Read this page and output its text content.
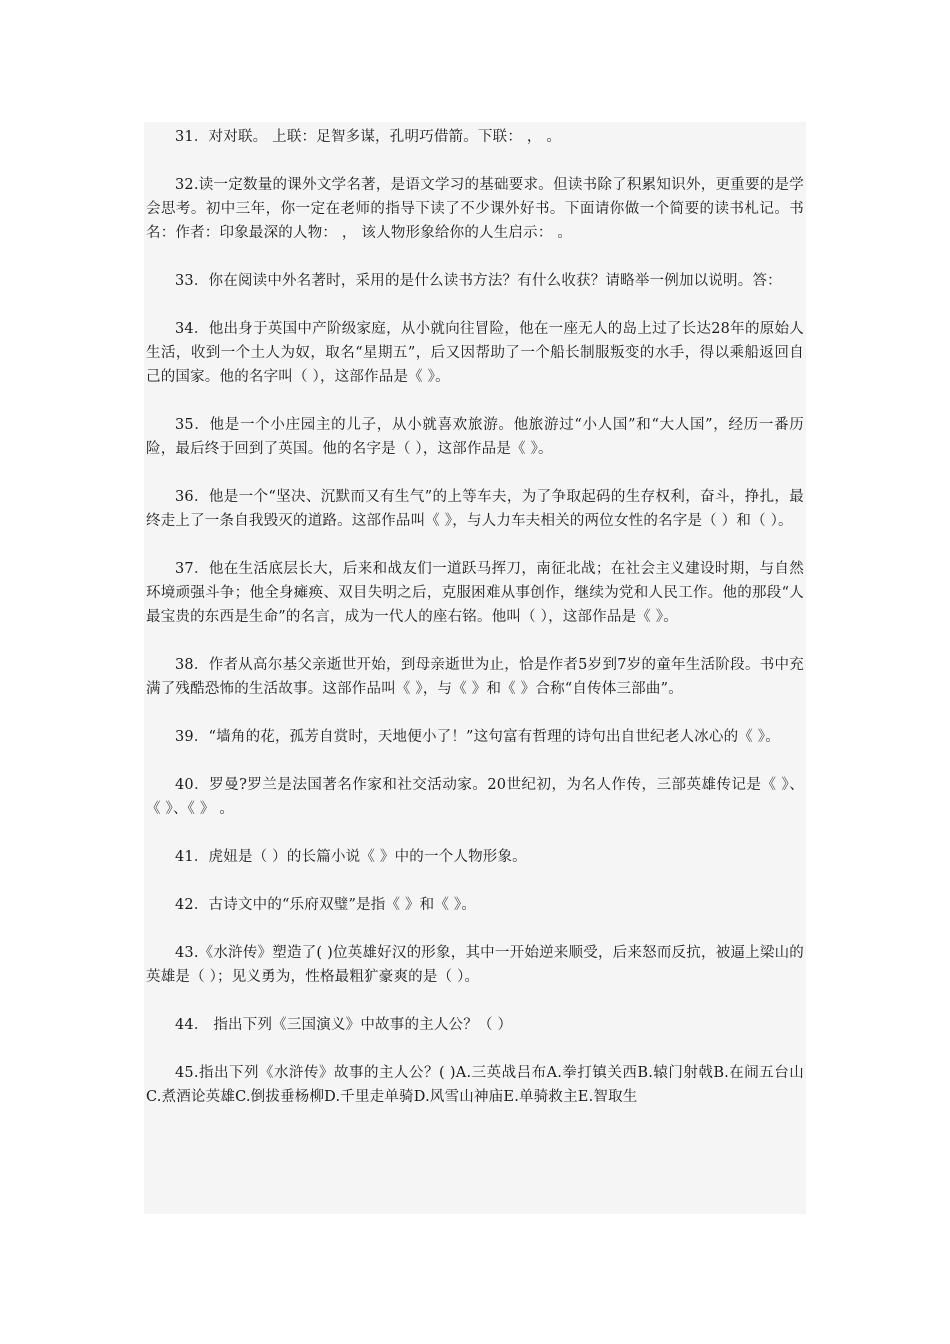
31．对对联。 上联：足智多谋，孔明巧借箭。下联： ， 。

32.读一定数量的课外文学名著，是语文学习的基础要求。但读书除了积累知识外，更重要的是学会思考。初中三年，你一定在老师的指导下读了不少课外好书。下面请你做一个简要的读书札记。书名：作者：印象最深的人物： ， 该人物形象给你的人生启示： 。

33．你在阅读中外名著时，采用的是什么读书方法？有什么收获？请略举一例加以说明。答：

34．他出身于英国中产阶级家庭，从小就向往冒险，他在一座无人的岛上过了长达28年的原始人生活，收到一个土人为奴，取名“星期五”，后又因帮助了一个船长制服叛变的水手，得以乘船返回自己的国家。他的名字叫（ ），这部作品是《 》。

35．他是一个小庄园主的儿子，从小就喜欢旅游。他旅游过“小人国”和“大人国”，经历一番历险，最后终于回到了英国。他的名字是（ ），这部作品是《 》。

36．他是一个“坚决、沉默而又有生气”的上等车夫，为了争取起码的生存权利，奋斗，挣扎，最终走上了一条自我毁灭的道路。这部作品叫《 》，与人力车夫相关的两位女性的名字是（ ）和（ ）。

37．他在生活底层长大，后来和战友们一道跃马挥刀，南征北战；在社会主义建设时期，与自然环境顽强斗争；他全身瘫痪、双目失明之后，克服困难从事创作，继续为党和人民工作。他的那段“人最宝贵的东西是生命”的名言，成为一代人的座右铭。他叫（ ），这部作品是《 》。

38．作者从高尔基父亲逝世开始，到母亲逝世为止，恰是作者5岁到7岁的童年生活阶段。书中充满了残酷恐怖的生活故事。这部作品叫《 》，与《 》和《 》合称“自传体三部曲”。

39．“墙角的花，孤芳自赏时，天地便小了！”这句富有哲理的诗句出自世纪老人冰心的《 》。

40．罗曼?罗兰是法国著名作家和社交活动家。20世纪初，为名人作传，三部英雄传记是《 》、 《 》、《 》 。

41．虎妞是（ ）的长篇小说《 》中的一个人物形象。

42．古诗文中的“乐府双璧”是指《 》和《 》。

43.《水浒传》塑造了( )位英雄好汉的形象，其中一开始逆来顺受，后来怒而反抗，被逼上梁山的英雄是（ ）；见义勇为，性格最粗犷豪爽的是（ ）。

44． 指出下列《三国演义》中故事的主人公？（ ）

45.指出下列《水浒传》故事的主人公？( )A.三英战吕布A.拳打镇关西B.辕门射戟B.在闹五台山C.煮酒论英雄C.倒拔垂杨柳D.千里走单骑D.风雪山神庙E.单骑救主E.智取生
